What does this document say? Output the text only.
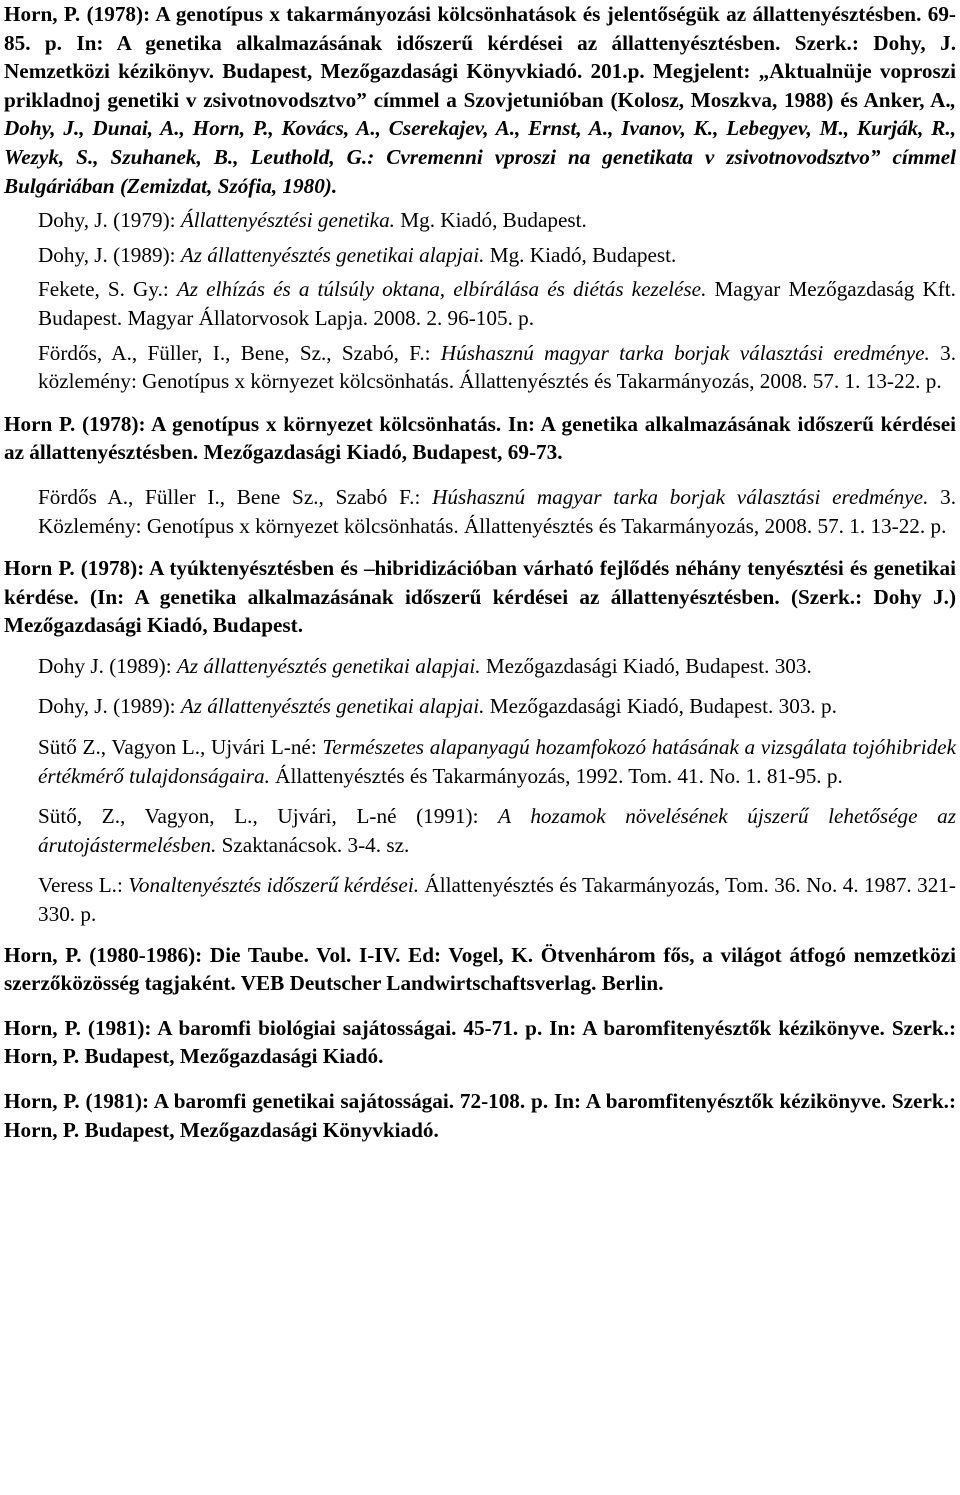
Horn, P. (1978): A genotípus x takarmányozási kölcsönhatások és jelentőségük az állattenyésztésben. 69-85. p. In: A genetika alkalmazásának időszerű kérdései az állattenyésztésben. Szerk.: Dohy, J. Nemzetközi kézikönyv. Budapest, Mezőgazdasági Könyvkiadó. 201.p. Megjelent: „Aktualnüje voproszi prikladnoj genetiki v zsivotnovodsztvo” címmel a Szovjetunióban (Kolosz, Moszkva, 1988) és Anker, A., Dohy, J., Dunai, A., Horn, P., Kovács, A., Cserekajev, A., Ernst, A., Ivanov, K., Lebegyev, M., Kurják, R., Wezyk, S., Szuhanek, B., Leuthold, G.: Cvremenni vproszi na genetikata v zsivotnovodsztvo” címmel Bulgáriában (Zemizdat, Szófia, 1980).

Dohy, J. (1979): Állattenyésztési genetika. Mg. Kiadó, Budapest.

Dohy, J. (1989): Az állattenyésztés genetikai alapjai. Mg. Kiadó, Budapest.

Fekete, S. Gy.: Az elhízás és a túlsúly oktana, elbírálása és diétás kezelése. Magyar Mezőgazdaság Kft. Budapest. Magyar Állatorvosok Lapja. 2008. 2. 96-105. p.

Fördős, A., Füller, I., Bene, Sz., Szabó, F.: Húshasznú magyar tarka borjak választási eredménye. 3. közlemény: Genotípus x környezet kölcsönhatás. Állattenyésztés és Takarmányozás, 2008. 57. 1. 13-22. p.

Horn P. (1978): A genotípus x környezet kölcsönhatás. In: A genetika alkalmazásának időszerű kérdései az állattenyésztésben. Mezőgazdasági Kiadó, Budapest, 69-73.

Fördős A., Füller I., Bene Sz., Szabó F.: Húshasznú magyar tarka borjak választási eredménye. 3. Közlemény: Genotípus x környezet kölcsönhatás. Állattenyésztés és Takarmányozás, 2008. 57. 1. 13-22. p.

Horn P. (1978): A tyúktenyésztésben és –hibridizációban várható fejlődés néhány tenyésztési és genetikai kérdése. (In: A genetika alkalmazásának időszerű kérdései az állattenyésztésben. (Szerk.: Dohy J.) Mezőgazdasági Kiadó, Budapest.

Dohy J. (1989): Az állattenyésztés genetikai alapjai. Mezőgazdasági Kiadó, Budapest. 303.

Dohy, J. (1989): Az állattenyésztés genetikai alapjai. Mezőgazdasági Kiadó, Budapest. 303. p.

Sütő Z., Vagyon L., Ujvári L-né: Természetes alapanyagú hozamfokozó hatásának a vizsgálata tojóhibridek értékmérő tulajdonságaira. Állattenyésztés és Takarmányozás, 1992. Tom. 41. No. 1. 81-95. p.

Sütő, Z., Vagyon, L., Ujvári, L-né (1991): A hozamok növelésének újszerű lehetősége az árutojástermelésben. Szaktanácsok. 3-4. sz.

Veress L.: Vonaltenyésztés időszerű kérdései. Állattenyésztés és Takarmányozás, Tom. 36. No. 4. 1987. 321-330. p.

Horn, P. (1980-1986): Die Taube. Vol. I-IV. Ed: Vogel, K. Ötvenhárom fős, a világot átfogó nemzetközi szerzőközösség tagjaként. VEB Deutscher Landwirtschaftsverlag. Berlin.

Horn, P. (1981): A baromfi biológiai sajátosságai. 45-71. p. In: A baromfitenyésztők kézikönyve. Szerk.: Horn, P. Budapest, Mezőgazdasági Kiadó.

Horn, P. (1981): A baromfi genetikai sajátosságai. 72-108. p. In: A baromfitenyésztők kézikönyve. Szerk.: Horn, P. Budapest, Mezőgazdasági Könyvkiadó.
